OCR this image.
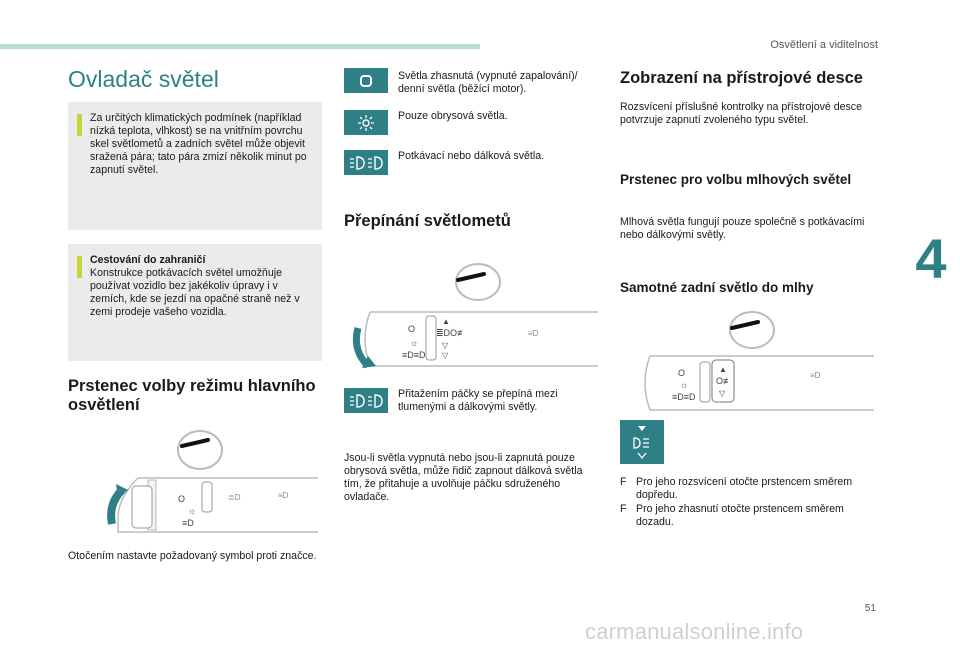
Osvětlení a viditelnost
4
Ovladač světel
Za určitých klimatických podmínek (například nízká teplota, vlhkost) se na vnitřním povrchu skel světlometů a zadních světel může objevit sražená pára; tato pára zmizí několik minut po zapnutí světel.
Cestování do zahraničí
Konstrukce potkávacích světel umožňuje používat vozidlo bez jakékoliv úpravy i v zemích, kde se jezdí na opačné straně než v zemi prodeje vašeho vozidla.
Prstenec volby režimu hlavního osvětlení
O
☼
≡D
≣D	≡D
Otočením nastavte požadovaný symbol proti značce.
Světla zhasnutá (vypnuté zapalování)/ denní světla (běžící motor).
Pouze obrysová světla.
Potkávací nebo dálková světla.
Přepínání světlometů
O
☼
≡D≡D
▲
≣DO≢
▽
▽
≡D
Přitažením páčky se přepíná mezi tlumenými a dálkovými světly.
Jsou-li světla vypnutá nebo jsou-li zapnutá pouze obrysová světla, může řidič zapnout dálková světla tím, že přitahuje a uvolňuje páčku sdruženého ovladače.
Zobrazení na přístrojové desce
Rozsvícení příslušné kontrolky na přístrojové desce potvrzuje zapnutí zvoleného typu světel.
Prstenec pro volbu mlhových světel
Mlhová světla fungují pouze společně s potkávacími nebo dálkovými světly.
Samotné zadní světlo do mlhy
O
☼
≡D≡D
▲
O≢
▽
≡D
F Pro jeho rozsvícení otočte prstencem směrem dopředu.
F Pro jeho zhasnutí otočte prstencem směrem dozadu.
51
carmanualsonline.info
